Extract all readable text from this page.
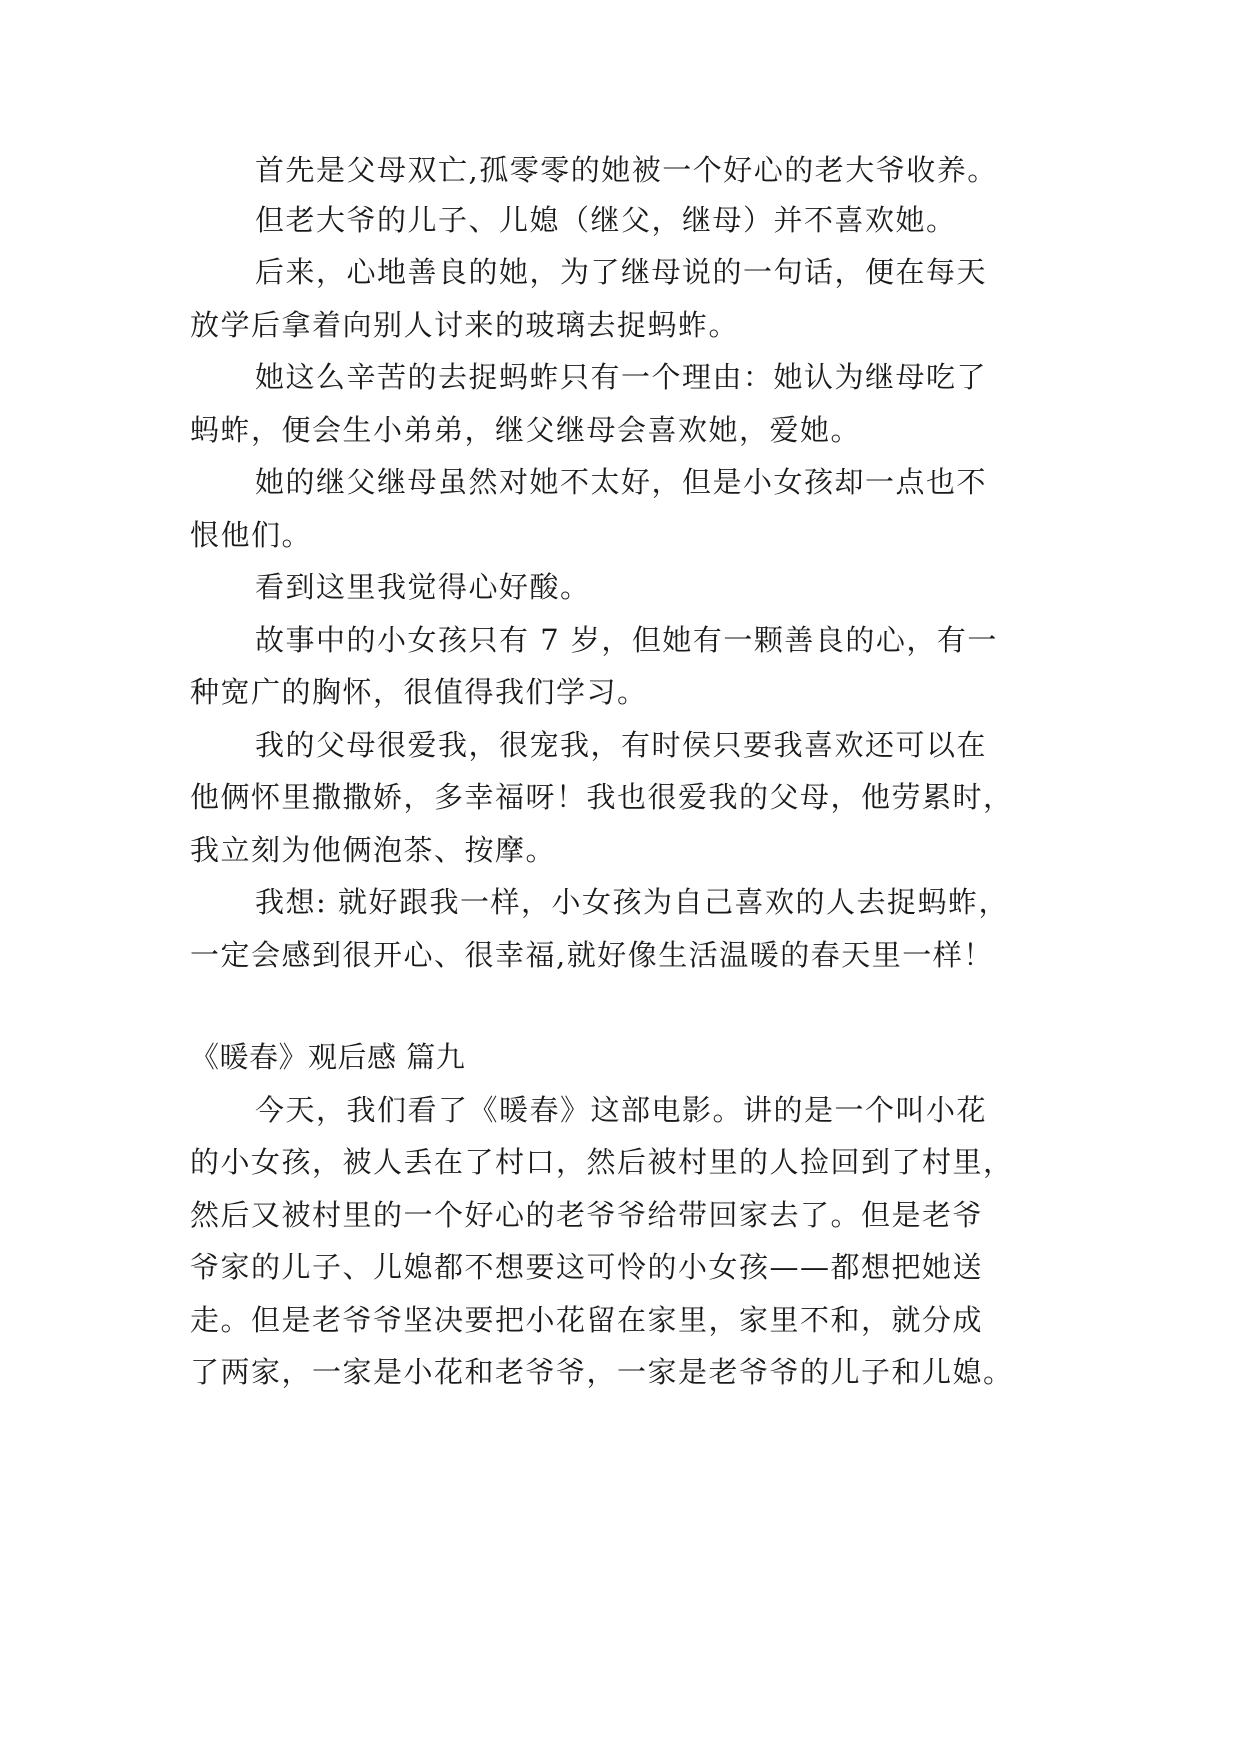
首先是父母双亡,孤零零的她被一个好心的老大爷收养。
但老大爷的儿子、儿媳（继父，继母）并不喜欢她。
后来，心地善良的她，为了继母说的一句话，便在每天
放学后拿着向别人讨来的玻璃去捉蚂蚱。
她这么辛苦的去捉蚂蚱只有一个理由：她认为继母吃了
蚂蚱，便会生小弟弟，继父继母会喜欢她，爱她。
她的继父继母虽然对她不太好，但是小女孩却一点也不
恨他们。
看到这里我觉得心好酸。
故事中的小女孩只有 7 岁，但她有一颗善良的心，有一
种宽广的胸怀，很值得我们学习。
我的父母很爱我，很宠我，有时侯只要我喜欢还可以在
他俩怀里撒撒娇，多幸福呀！我也很爱我的父母，他劳累时，
我立刻为他俩泡茶、按摩。
我想: 就好跟我一样，小女孩为自己喜欢的人去捉蚂蚱，
一定会感到很开心、很幸福,就好像生活温暖的春天里一样！
《暖春》观后感 篇九
今天，我们看了《暖春》这部电影。讲的是一个叫小花
的小女孩，被人丢在了村口，然后被村里的人捡回到了村里，
然后又被村里的一个好心的老爷爷给带回家去了。但是老爷
爷家的儿子、儿媳都不想要这可怜的小女孩——都想把她送
走。但是老爷爷坚决要把小花留在家里，家里不和，就分成
了两家，一家是小花和老爷爷，一家是老爷爷的儿子和儿媳。
